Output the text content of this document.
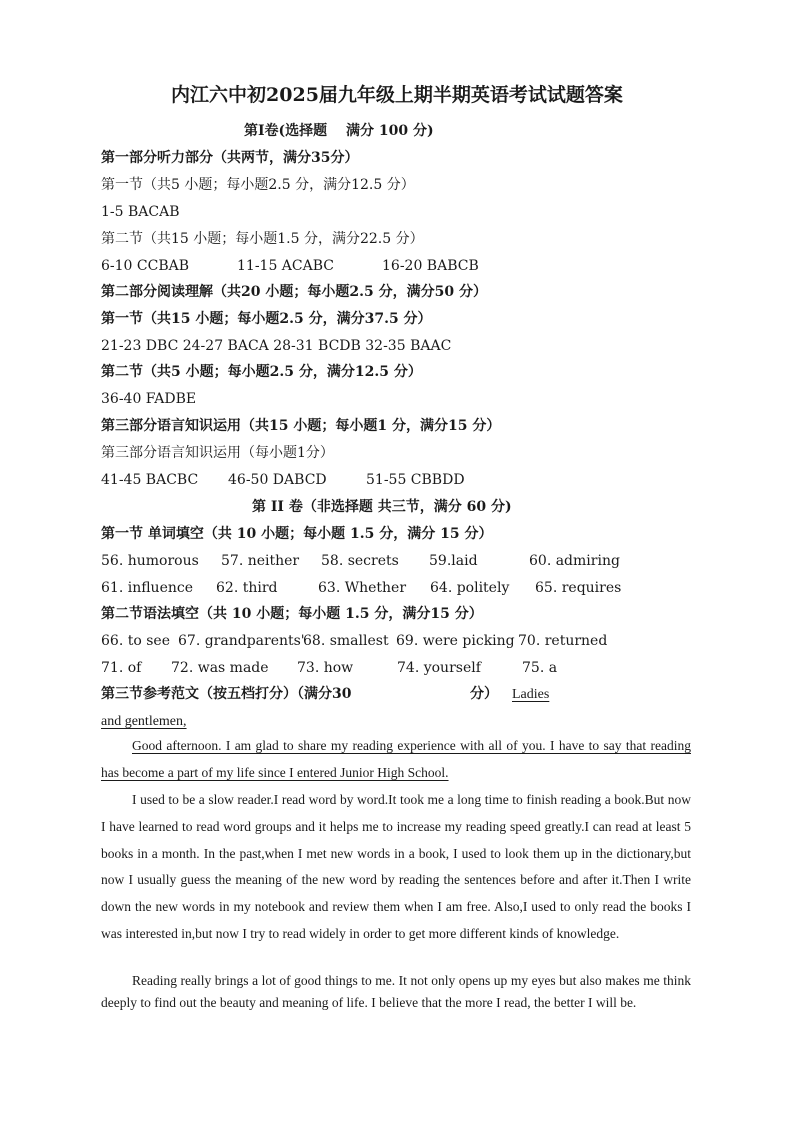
内江六中初2025届九年级上期半期英语考试试题答案
第I卷(选择题　 满分 100 分)
第一部分听力部分（共两节，满分35分）
第一节（共5 小题；每小题2.5 分，满分12.5 分）
1-5 BACAB
第二节（共15 小题；每小题1.5 分，满分22.5 分）
6-10 CCBAB	11-15 ACABC	16-20 BABCB
第二部分阅读理解（共20 小题；每小题2.5 分，满分50 分）
第一节（共15 小题；每小题2.5 分，满分37.5 分）
21-23 DBC 24-27 BACA 28-31 BCDB 32-35 BAAC
第二节（共5 小题；每小题2.5 分，满分12.5 分）
36-40 FADBE
第三部分语言知识运用（共15 小题；每小题1 分，满分15 分）
第三部分语言知识运用（每小题1分）
41-45 BACBC 46-50 DABCD	51-55 CBBDD
第 II 卷（非选择题 共三节，满分 60 分)
第一节 单词填空（共 10 小题；每小题 1.5 分，满分 15 分）
56. humorous 57. neither 58. secrets 59.laid	60. admiring
61. influence 62. third	63. Whether 64. politely 65. requires
第二节语法填空（共 10 小题；每小题 1.5 分，满分15 分）
66. to see 67. grandparents'
68. smallest 69. were picking 70. returned
71. of 72. was made 73. how	74. yourself	75. a
第三节参考范文（按五档打分）（满分30	分） Ladies
and gentlemen,
Good afternoon. I am glad to share my reading experience with all of you. I have to say that reading has become a part of my life since I entered Junior High School.
I used to be a slow reader.I read word by word.It took me a long time to finish reading a book.But now I have learned to read word groups and it helps me to increase my reading speed greatly.I can read at least 5 books in a month. In the past,when I met new words in a book, I used to look them up in the dictionary,but now I usually guess the meaning of the new word by reading the sentences before and after it.Then I write down the new words in my notebook and review them when I am free. Also,I used to only read the books I was interested in,but now I try to read widely in order to get more different kinds of knowledge.
Reading really brings a lot of good things to me. It not only opens up my eyes but also makes me think deeply to find out the beauty and meaning of life. I believe that the more I read, the better I will be.
